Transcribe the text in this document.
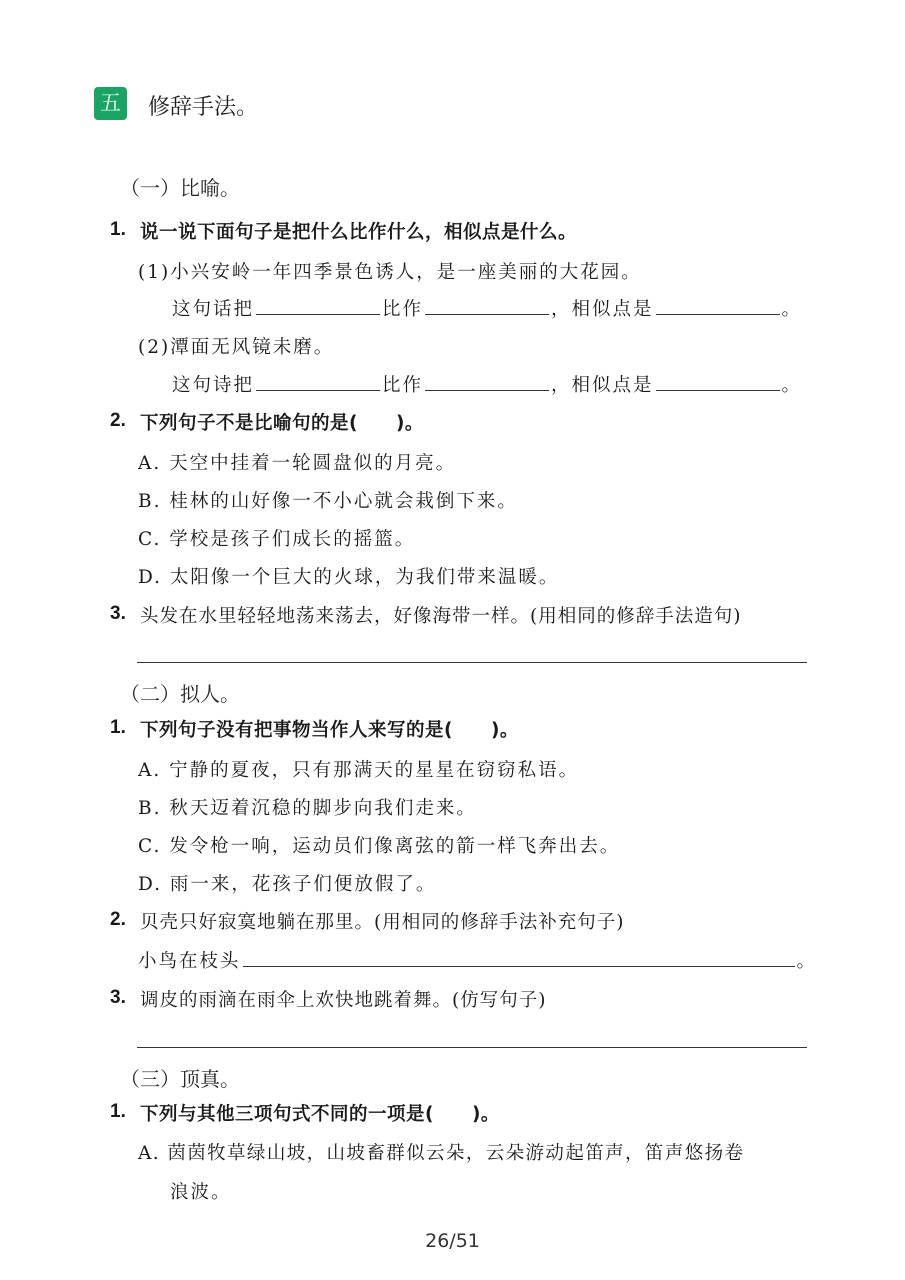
五 修辞手法。
（一）比喻。
1. 说一说下面句子是把什么比作什么，相似点是什么。
(1)小兴安岭一年四季景色诱人，是一座美丽的大花园。
这句话把	比作	，相似点是	。
(2)潭面无风镜未磨。
这句诗把	比作	，相似点是	。
2. 下列句子不是比喻句的是(　　)。
A. 天空中挂着一轮圆盘似的月亮。
B. 桂林的山好像一不小心就会栽倒下来。
C. 学校是孩子们成长的摇篮。
D. 太阳像一个巨大的火球，为我们带来温暖。
3. 头发在水里轻轻地荡来荡去，好像海带一样。(用相同的修辞手法造句)
（二）拟人。
1. 下列句子没有把事物当作人来写的是(　　)。
A. 宁静的夏夜，只有那满天的星星在窃窃私语。
B. 秋天迈着沉稳的脚步向我们走来。
C. 发令枪一响，运动员们像离弦的箭一样飞奔出去。
D. 雨一来，花孩子们便放假了。
2. 贝壳只好寂寞地躺在那里。(用相同的修辞手法补充句子)
小鸟在枝头	。
3. 调皮的雨滴在雨伞上欢快地跳着舞。(仿写句子)
（三）顶真。
1. 下列与其他三项句式不同的一项是(　　)。
A. 茵茵牧草绿山坡，山坡畜群似云朵，云朵游动起笛声，笛声悠扬卷
浪波。
26/51
